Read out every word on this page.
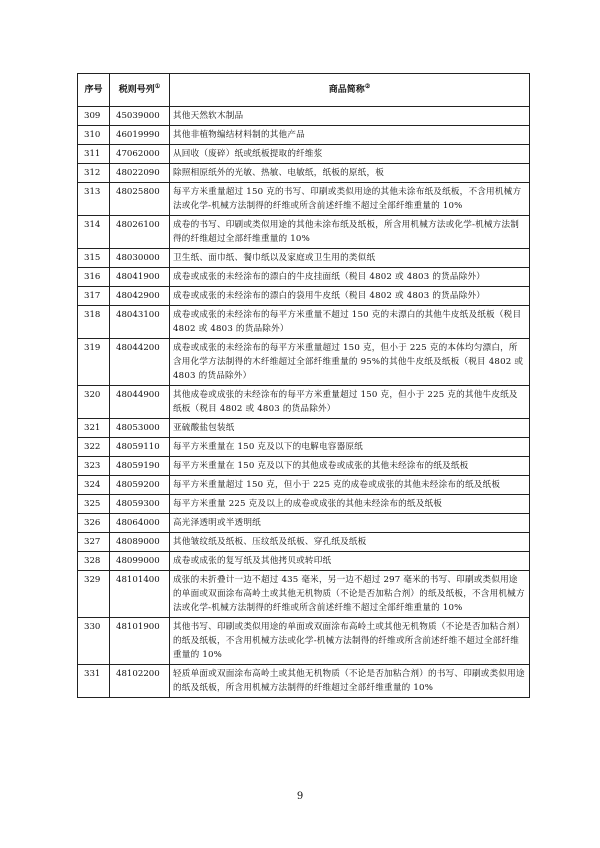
序号	税则号列①	商品简称②
309	45039000	其他天然软木制品
310	46019990	其他非植物编结材料制的其他产品
311	47062000	从回收（废碎）纸或纸板提取的纤维浆
312	48022090	除照相原纸外的光敏、热敏、电敏纸，纸板的原纸，板
313	48025800	每平方米重量超过 150 克的书写、印刷或类似用途的其他未涂布纸及纸板，不含用机械方法或化学-机械方法制得的纤维或所含前述纤维不超过全部纤维重量的 10%
314	48026100	成卷的书写、印刷或类似用途的其他未涂布纸及纸板，所含用机械方法或化学-机械方法制得的纤维超过全部纤维重量的 10%
315	48030000	卫生纸、面巾纸、餐巾纸以及家庭或卫生用的类似纸
316	48041900	成卷或成张的未经涂布的漂白的牛皮挂面纸（税目 4802 或 4803 的货品除外）
317	48042900	成卷或成张的未经涂布的漂白的袋用牛皮纸（税目 4802 或 4803 的货品除外）
318	48043100	成卷或成张的未经涂布的每平方米重量不超过 150 克的未漂白的其他牛皮纸及纸板（税目 4802 或 4803 的货品除外）
319	48044200	成卷或成张的未经涂布的每平方米重量超过 150 克，但小于 225 克的本体均匀漂白，所含用化学方法制得的木纤维超过全部纤维重量的 95%的其他牛皮纸及纸板（税目 4802 或 4803 的货品除外）
320	48044900	其他成卷或成张的未经涂布的每平方米重量超过 150 克，但小于 225 克的其他牛皮纸及纸板（税目 4802 或 4803 的货品除外）
321	48053000	亚硫酸盐包装纸
322	48059110	每平方米重量在 150 克及以下的电解电容器原纸
323	48059190	每平方米重量在 150 克及以下的其他成卷或成张的其他未经涂布的纸及纸板
324	48059200	每平方米重量超过 150 克，但小于 225 克的成卷或成张的其他未经涂布的纸及纸板
325	48059300	每平方米重量 225 克及以上的成卷或成张的其他未经涂布的纸及纸板
326	48064000	高光泽透明或半透明纸
327	48089000	其他皱纹纸及纸板、压纹纸及纸板、穿孔纸及纸板
328	48099000	成卷或成张的复写纸及其他拷贝或转印纸
329	48101400	成张的未折叠计一边不超过 435 毫米，另一边不超过 297 毫米的书写、印刷或类似用途的单面或双面涂布高岭土或其他无机物质（不论是否加粘合剂）的纸及纸板，不含用机械方法或化学-机械方法制得的纤维或所含前述纤维不超过全部纤维重量的 10%
330	48101900	其他书写、印刷或类似用途的单面或双面涂布高岭土或其他无机物质（不论是否加粘合剂）的纸及纸板，不含用机械方法或化学-机械方法制得的纤维或所含前述纤维不超过全部纤维重量的 10%
331	48102200	轻质单面或双面涂布高岭土或其他无机物质（不论是否加粘合剂）的书写、印刷或类似用途的纸及纸板，所含用机械方法制得的纤维超过全部纤维重量的 10%
9
